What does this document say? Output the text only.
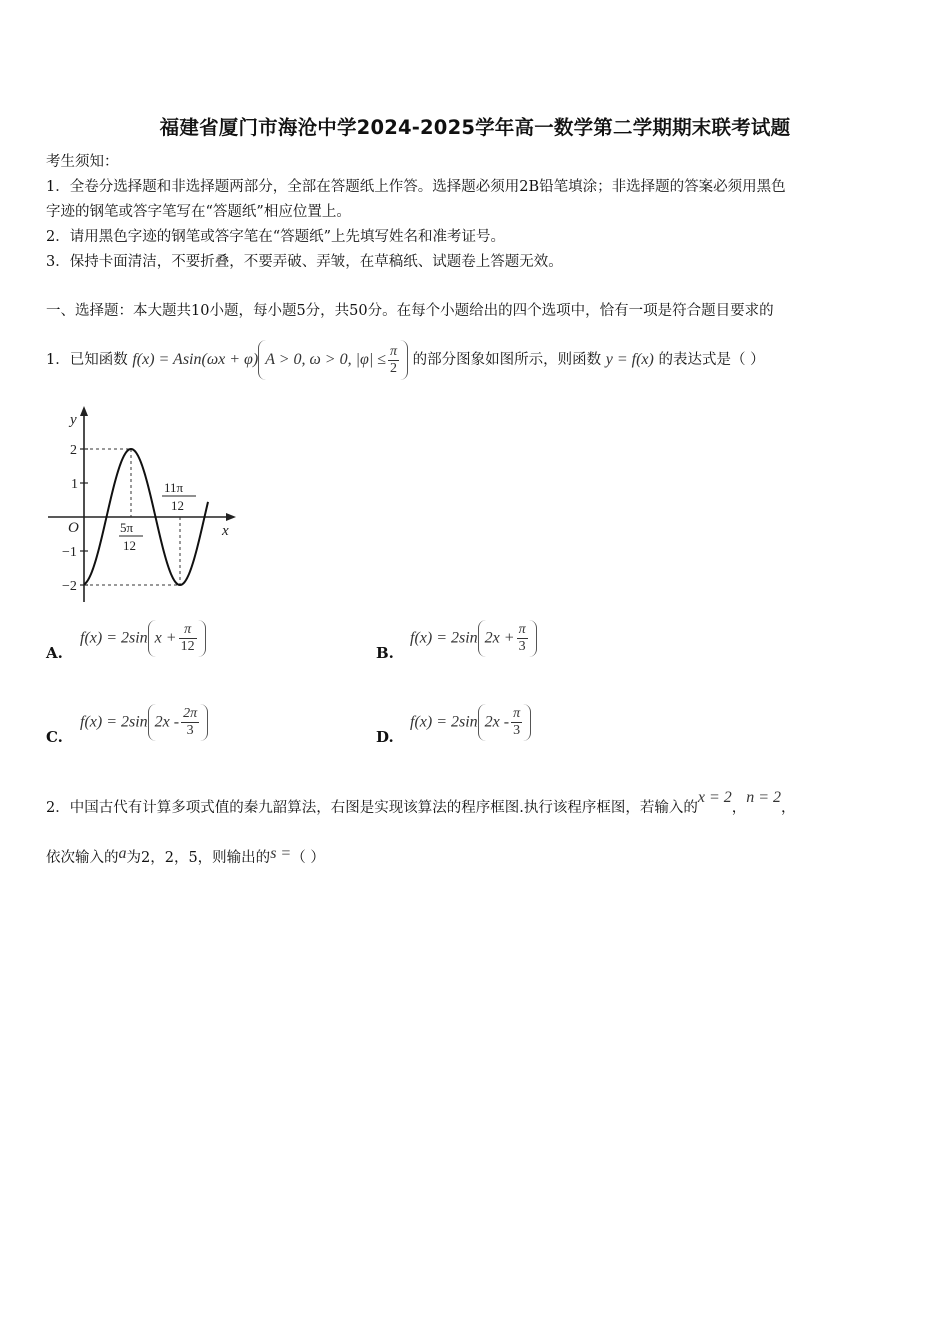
福建省厦门市海沧中学2024-2025学年高一数学第二学期期末联考试题
考生须知：
1．全卷分选择题和非选择题两部分，全部在答题纸上作答。选择题必须用2B铅笔填涂；非选择题的答案必须用黑色
字迹的钢笔或答字笔写在“答题纸”相应位置上。
2．请用黑色字迹的钢笔或答字笔在“答题纸”上先填写姓名和准考证号。
3．保持卡面清洁，不要折叠，不要弄破、弄皱，在草稿纸、试题卷上答题无效。
一、选择题：本大题共10小题，每小题5分，共50分。在每个小题给出的四个选项中，恰有一项是符合题目要求的
1．已知函数 f(x) = Asin(ωx + φ) A > 0, ω > 0, $|\varphi| \le \frac{\pi}{2}$ 的部分图象如图所示，则函数 y = f(x) 的表达式是（ ）
y
x
O
2
1
−1
−2
5π
12
11π
12
A.
f(x) = 2sin $x + \frac{\pi}{12}$	B.
f(x) = 2sin $2x + \frac{\pi}{3}$
C.
f(x) = 2sin $2x - \frac{2\pi}{3}$	D.
f(x) = 2sin $2x - \frac{\pi}{3}$
2．中国古代有计算多项式值的秦九韶算法，右图是实现该算法的程序框图.执行该程序框图，若输入的x = 2，n = 2，
依次输入的a为2，2，5，则输出的s =（ ）
